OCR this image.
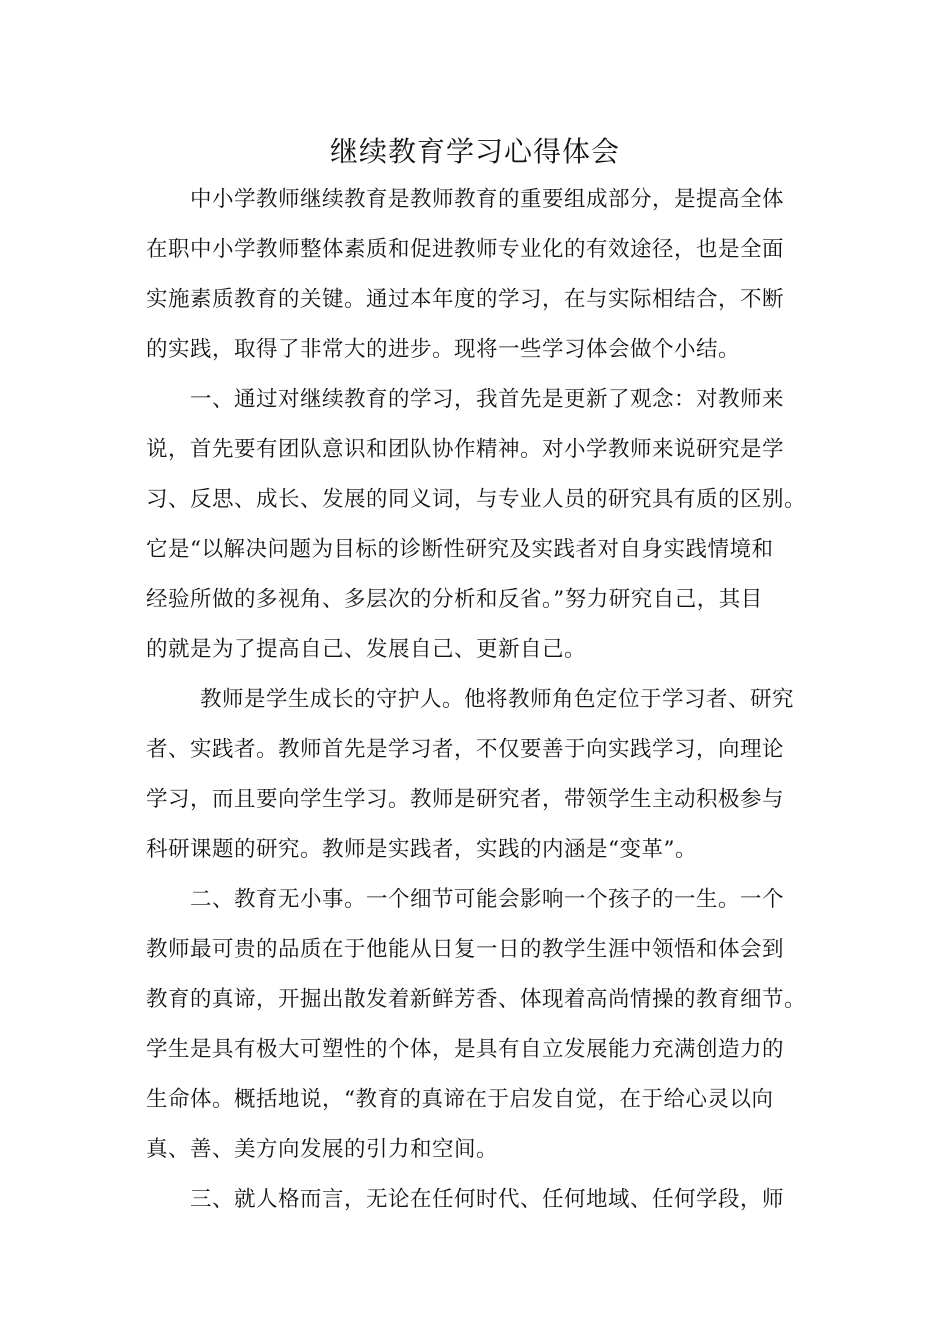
继续教育学习心得体会

中小学教师继续教育是教师教育的重要组成部分，是提高全体

在职中小学教师整体素质和促进教师专业化的有效途径，也是全面

实施素质教育的关键。通过本年度的学习，在与实际相结合，不断

的实践，取得了非常大的进步。现将一些学习体会做个小结。

一、通过对继续教育的学习，我首先是更新了观念：对教师来

说，首先要有团队意识和团队协作精神。对小学教师来说研究是学

习、反思、成长、发展的同义词，与专业人员的研究具有质的区别。

它是“以解决问题为目标的诊断性研究及实践者对自身实践情境和

经验所做的多视角、多层次的分析和反省。”努力研究自己，其目

的就是为了提高自己、发展自己、更新自己。

教师是学生成长的守护人。他将教师角色定位于学习者、研究

者、实践者。教师首先是学习者，不仅要善于向实践学习，向理论

学习，而且要向学生学习。教师是研究者，带领学生主动积极参与

科研课题的研究。教师是实践者，实践的内涵是“变革”。

二、教育无小事。一个细节可能会影响一个孩子的一生。一个

教师最可贵的品质在于他能从日复一日的教学生涯中领悟和体会到

教育的真谛，开掘出散发着新鲜芳香、体现着高尚情操的教育细节。

学生是具有极大可塑性的个体，是具有自立发展能力充满创造力的

生命体。概括地说，“教育的真谛在于启发自觉，在于给心灵以向

真、善、美方向发展的引力和空间。

三、就人格而言，无论在任何时代、任何地域、任何学段，师
